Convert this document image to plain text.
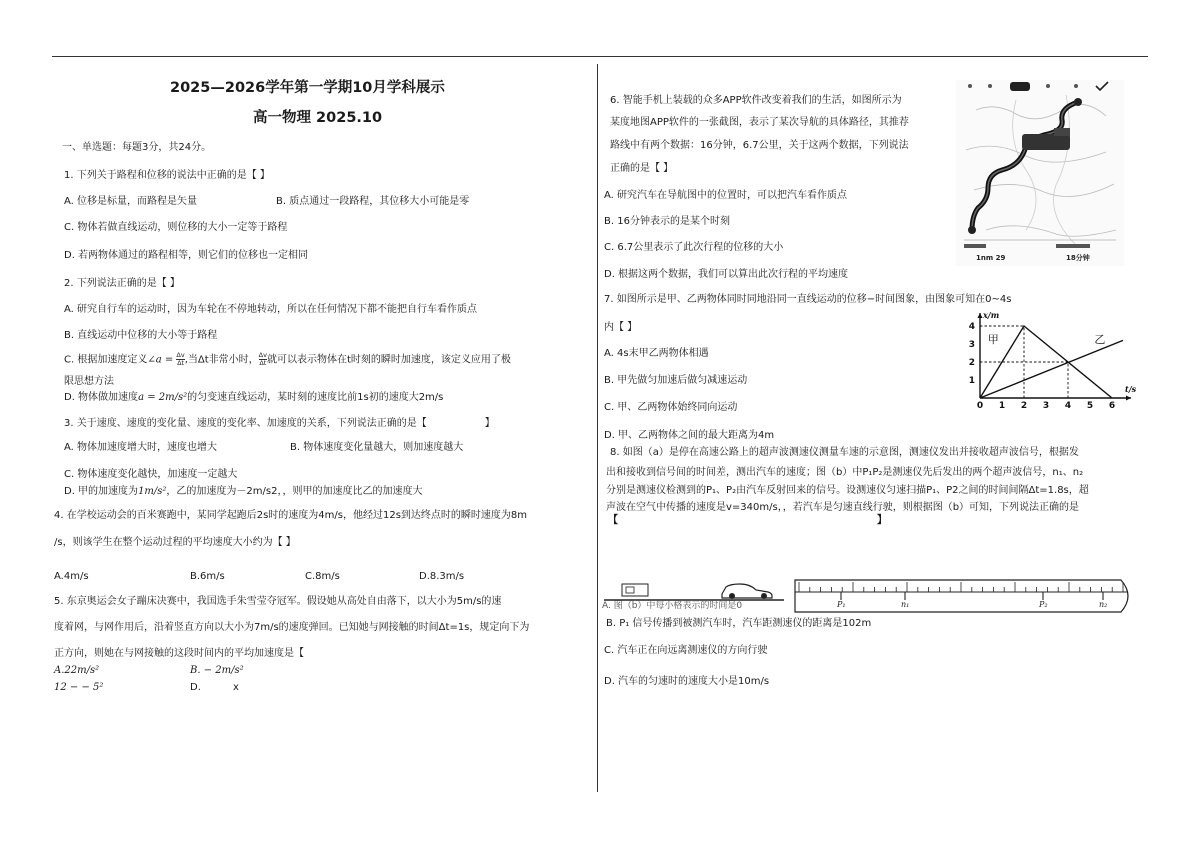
2025—2026学年第一学期10月学科展示
高一物理 2025.10
一、单选题：每题3分，共24分。
1. 下列关于路程和位移的说法中正确的是【 】
A. 位移是标量，而路程是矢量	B. 质点通过一段路程，其位移大小可能是零
C. 物体若做直线运动，则位移的大小一定等于路程
D. 若两物体通过的路程相等，则它们的位移也一定相同
2. 下列说法正确的是【 】
A. 研究自行车的运动时，因为车轮在不停地转动，所以在任何情况下都不能把自行车看作质点
B. 直线运动中位移的大小等于路程
C. 根据加速度定义∠a = $\frac{\Delta v}{\Delta t}$ ,当Δt非常小时， $\frac{\Delta v}{\Delta t}$ 就可以表示物体在t时刻的瞬时加速度，该定义应用了极
限思想方法
D. 物体做加速度a = 2m/s²的匀变速直线运动，某时刻的速度比前1s初的速度大2m/s
3. 关于速度、速度的变化量、速度的变化率、加速度的关系，下列说法正确的是【	】
A. 物体加速度增大时，速度也增大	B. 物体速度变化量越大，则加速度越大
C. 物体速度变化越快，加速度一定越大
D. 甲的加速度为1m/s²，乙的加速度为－2m/s2，，则甲的加速度比乙的加速度大
4. 在学校运动会的百米赛跑中，某同学起跑后2s时的速度为4m/s，他经过12s到达终点时的瞬时速度为8m
/s，则该学生在整个运动过程的平均速度大小约为【 】
A.4m/s	B.6m/s	C.8m/s	D.8.3m/s
5. 东京奥运会女子蹦床决赛中，我国选手朱雪莹夺冠军。假设她从高处自由落下，以大小为5m/s的速
度着网，与网作用后，沿着竖直方向以大小为7m/s的速度弹回。已知她与网接触的时间Δt=1s，规定向下为
正方向，则她在与网接触的这段时间内的平均加速度是【
A.22m/s²	B. − 2m/s²
12 − − 5²	D.	x
6. 智能手机上装载的众多APP软件改变着我们的生活，如图所示为
某度地图APP软件的一张截图，表示了某次导航的具体路径，其推荐
路线中有两个数据：16分钟，6.7公里，关于这两个数据，下列说法
正确的是【 】
A. 研究汽车在导航图中的位置时，可以把汽车看作质点
B. 16分钟表示的是某个时刻
C. 6.7公里表示了此次行程的位移的大小
D. 根据这两个数据，我们可以算出此次行程的平均速度
1nm 29	18分钟
7. 如图所示是甲、乙两物体同时同地沿同一直线运动的位移−时间图象，由图象可知在0~4s
内【 】
A. 4s末甲乙两物体相遇
B. 甲先做匀加速后做匀减速运动
C. 甲、乙两物体始终同向运动
D. 甲、乙两物体之间的最大距离为4m
0 1 2 3 4 5 6
1
2
3
4
t/s
x/m
甲	乙
8. 如图（a）是停在高速公路上的超声波测速仪测量车速的示意图，测速仪发出并接收超声波信号，根据发
出和接收到信号间的时间差，测出汽车的速度；图（b）中P₁P₂是测速仪先后发出的两个超声波信号，n₁、n₂
分别是测速仪检测到的P₁、P₂由汽车反射回来的信号。设测速仪匀速扫描P₁、P2之间的时间间隔Δt=1.8s，超
声波在空气中传播的速度是v=340m/s，，若汽车是匀速直线行驶，则根据图（b）可知，下列说法正确的是
【	】
A. 图（b）中每小格表示的时间是0	P₁	n₁	P₂	n₂
B. P₁ 信号传播到被测汽车时，汽车距测速仪的距离是102m
C. 汽车正在向远离测速仪的方向行驶
D. 汽车的匀速时的速度大小是10m/s
